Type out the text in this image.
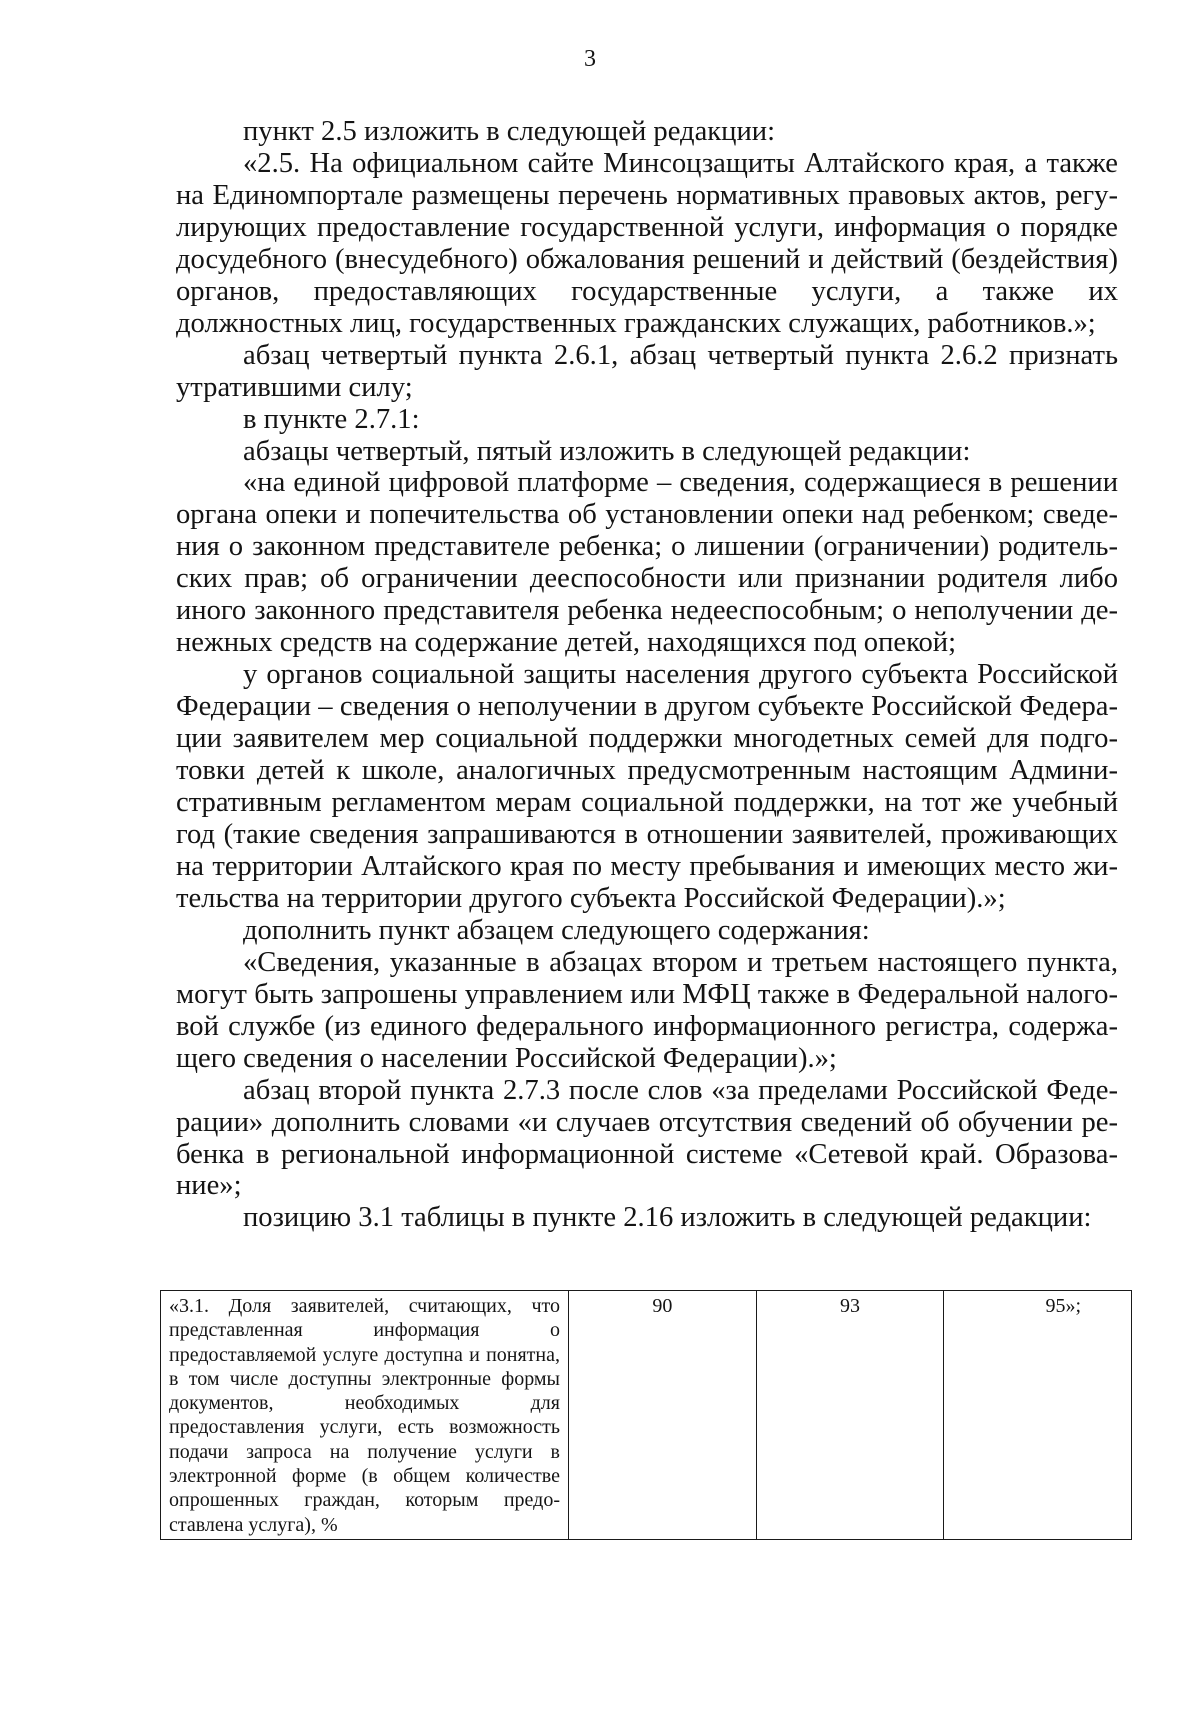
3

пункт 2.5 изложить в следующей редакции:

«2.5. На официальном сайте Минсоцзащиты Алтайского края, а также на Единомпортале размещены перечень нормативных правовых актов, регулирующих предоставление государственной услуги, информация о порядке досудебного (внесудебного) обжалования решений и действий (бездействия) органов, предоставляющих государственные услуги, а также их должностных лиц, государственных гражданских служащих, работников.»;

абзац четвертый пункта 2.6.1, абзац четвертый пункта 2.6.2 признать утратившими силу;

в пункте 2.7.1:

абзацы четвертый, пятый изложить в следующей редакции:

«на единой цифровой платформе – сведения, содержащиеся в решении органа опеки и попечительства об установлении опеки над ребенком; сведения о законном представителе ребенка; о лишении (ограничении) родительских прав; об ограничении дееспособности или признании родителя либо иного законного представителя ребенка недееспособным; о неполучении денежных средств на содержание детей, находящихся под опекой;

у органов социальной защиты населения другого субъекта Российской Федерации – сведения о неполучении в другом субъекте Российской Федерации заявителем мер социальной поддержки многодетных семей для подготовки детей к школе, аналогичных предусмотренным настоящим Административным регламентом мерам социальной поддержки, на тот же учебный год (такие сведения запрашиваются в отношении заявителей, проживающих на территории Алтайского края по месту пребывания и имеющих место жительства на территории другого субъекта Российской Федерации).»;

дополнить пункт абзацем следующего содержания:

«Сведения, указанные в абзацах втором и третьем настоящего пункта, могут быть запрошены управлением или МФЦ также в Федеральной налоговой службе (из единого федерального информационного регистра, содержащего сведения о населении Российской Федерации).»;

абзац второй пункта 2.7.3 после слов «за пределами Российской Федерации» дополнить словами «и случаев отсутствия сведений об обучении ребенка в региональной информационной системе «Сетевой край. Образование»;

позицию 3.1 таблицы в пункте 2.16 изложить в следующей редакции:

«3.1. Доля заявителей, считающих, что представленная информация о предоставляемой услуге доступна и понятна, в том числе доступны электронные формы документов, необходимых для предоставления услуги, есть возможность подачи запроса на получение услуги в электронной форме (в общем количестве опрошенных граждан, которым предоставлена услуга), %	90	93	95»;
